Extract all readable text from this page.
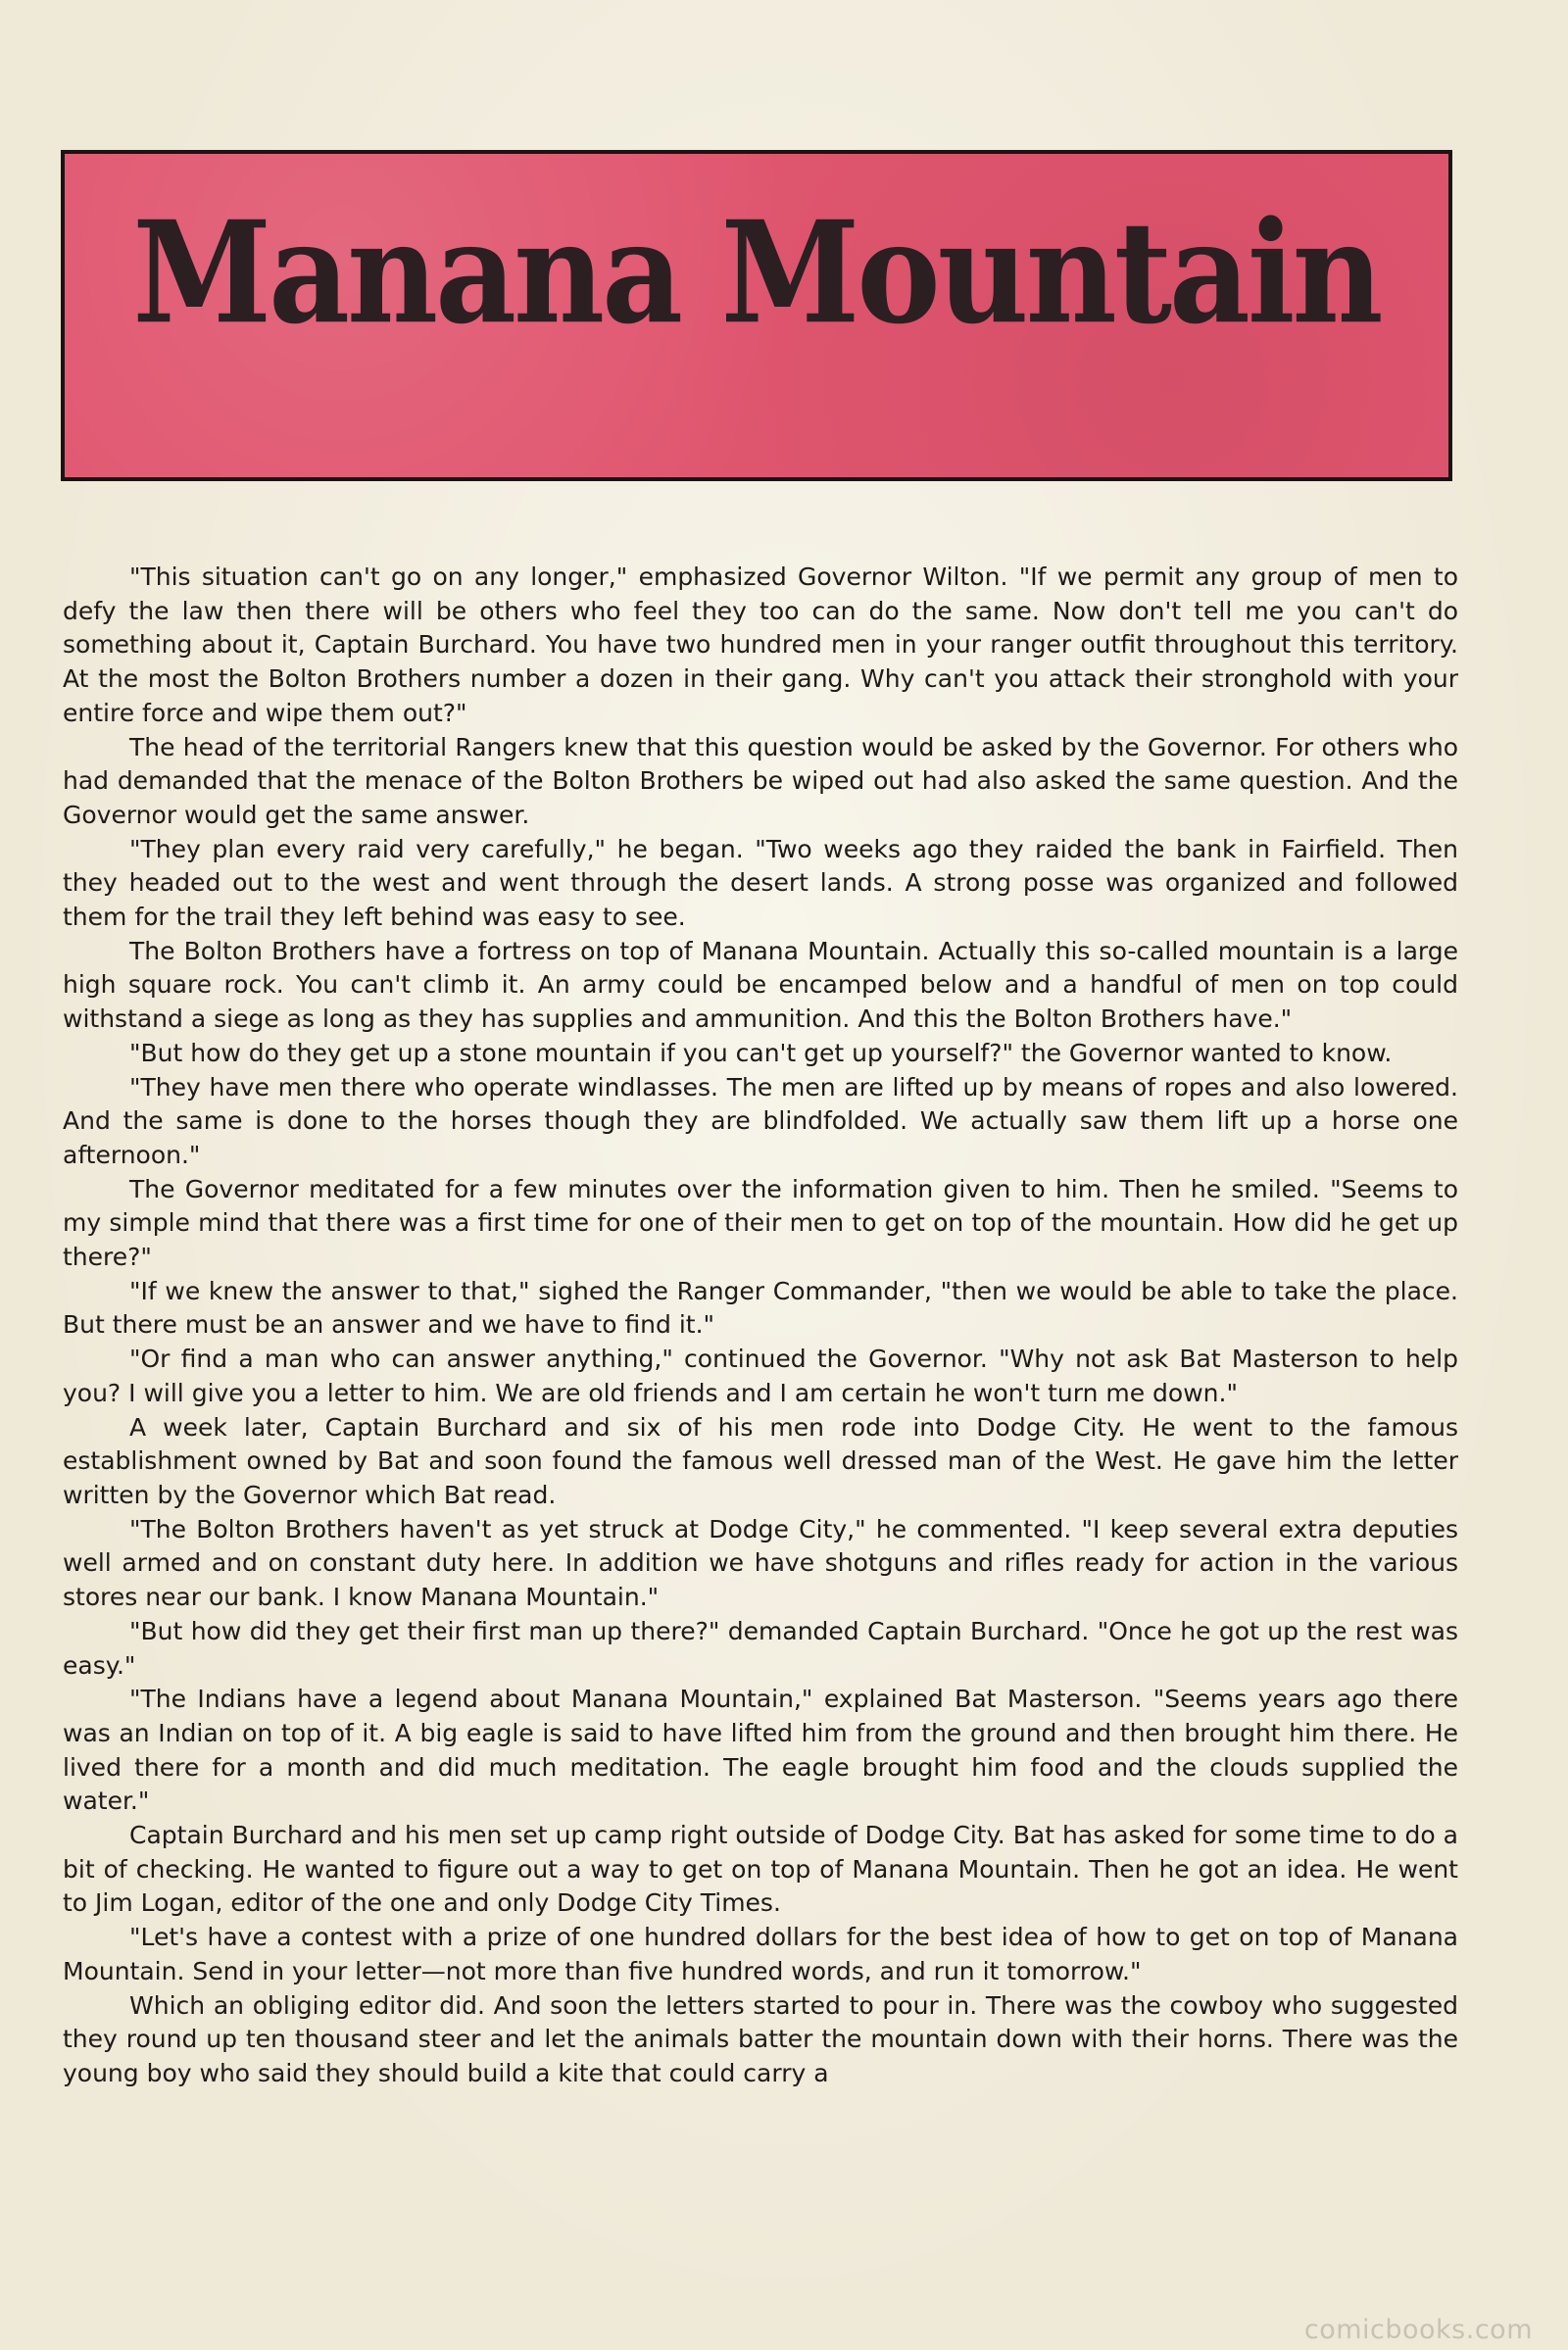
Manana Mountain

"This situation can't go on any longer," emphasized Governor Wilton. "If we permit any group of men to defy the law then there will be others who feel they too can do the same. Now don't tell me you can't do something about it, Captain Burchard. You have two hundred men in your ranger outfit throughout this territory. At the most the Bolton Brothers number a dozen in their gang. Why can't you attack their stronghold with your entire force and wipe them out?"

The head of the territorial Rangers knew that this question would be asked by the Governor. For others who had demanded that the menace of the Bolton Brothers be wiped out had also asked the same question. And the Governor would get the same answer.

"They plan every raid very carefully," he began. "Two weeks ago they raided the bank in Fairfield. Then they headed out to the west and went through the desert lands. A strong posse was organized and followed them for the trail they left behind was easy to see.

The Bolton Brothers have a fortress on top of Manana Mountain. Actually this so-called mountain is a large high square rock. You can't climb it. An army could be encamped below and a handful of men on top could withstand a siege as long as they has supplies and ammunition. And this the Bolton Brothers have."

"But how do they get up a stone mountain if you can't get up yourself?" the Governor wanted to know.

"They have men there who operate windlasses. The men are lifted up by means of ropes and also lowered. And the same is done to the horses though they are blindfolded. We actually saw them lift up a horse one afternoon."

The Governor meditated for a few minutes over the information given to him. Then he smiled. "Seems to my simple mind that there was a first time for one of their men to get on top of the mountain. How did he get up there?"

"If we knew the answer to that," sighed the Ranger Commander, "then we would be able to take the place. But there must be an answer and we have to find it."

"Or find a man who can answer anything," continued the Governor. "Why not ask Bat Masterson to help you? I will give you a letter to him. We are old friends and I am certain he won't turn me down."

A week later, Captain Burchard and six of his men rode into Dodge City. He went to the famous establishment owned by Bat and soon found the famous well dressed man of the West. He gave him the letter written by the Governor which Bat read.

"The Bolton Brothers haven't as yet struck at Dodge City," he commented. "I keep several extra deputies well armed and on constant duty here. In addition we have shotguns and rifles ready for action in the various stores near our bank. I know Manana Mountain."

"But how did they get their first man up there?" demanded Captain Burchard. "Once he got up the rest was easy."

"The Indians have a legend about Manana Mountain," explained Bat Masterson. "Seems years ago there was an Indian on top of it. A big eagle is said to have lifted him from the ground and then brought him there. He lived there for a month and did much meditation. The eagle brought him food and the clouds supplied the water."

Captain Burchard and his men set up camp right outside of Dodge City. Bat has asked for some time to do a bit of checking. He wanted to figure out a way to get on top of Manana Mountain. Then he got an idea. He went to Jim Logan, editor of the one and only Dodge City Times.

"Let's have a contest with a prize of one hundred dollars for the best idea of how to get on top of Manana Mountain. Send in your letter—not more than five hundred words, and run it tomorrow."

Which an obliging editor did. And soon the letters started to pour in. There was the cowboy who suggested they round up ten thousand steer and let the animals batter the mountain down with their horns. There was the young boy who said they should build a kite that could carry a

comicbooks.com
